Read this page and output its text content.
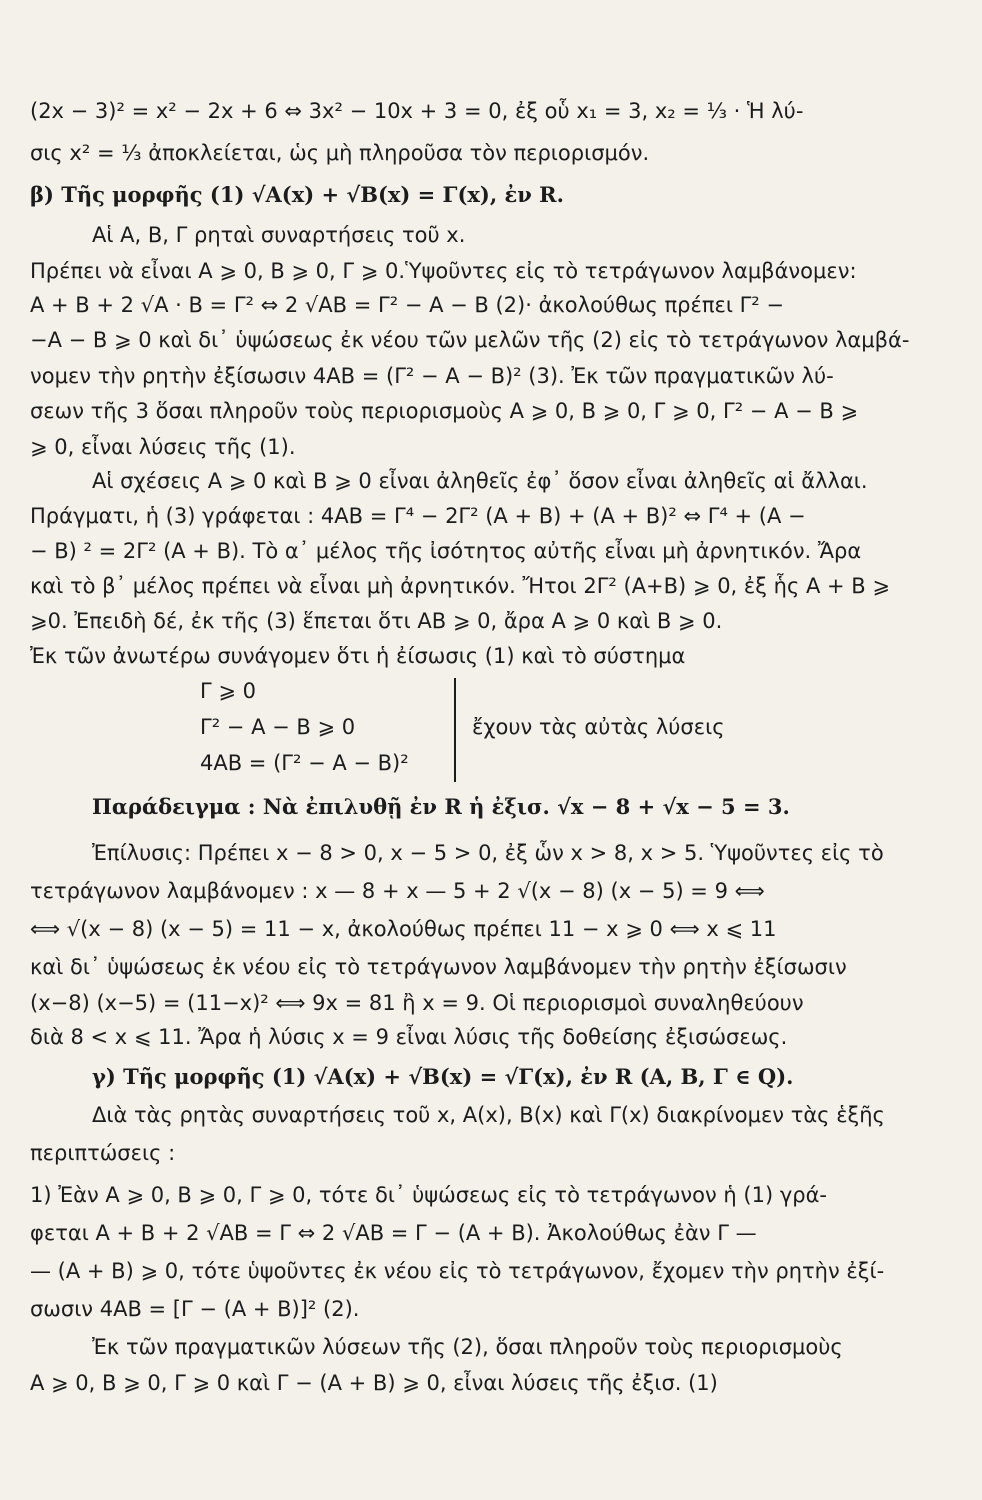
(2x − 3)² = x² − 2x + 6 ⇔ 3x² − 10x + 3 = 0, ἐξ οὗ x₁ = 3, x₂ = ¹⁄₃ · Ἡ λύ-
σις x² = ¹⁄₃ ἀποκλείεται, ὡς μὴ πληροῦσα τὸν περιορισμόν.
β) Τῆς μορφῆς (1) √A(x) + √B(x) = Γ(x), ἐν R.
Αἱ Α, Β, Γ ρηταὶ συναρτήσεις τοῦ x.
Πρέπει νὰ εἶναι Α ⩾ 0, Β ⩾ 0, Γ ⩾ 0.Ὑψοῦντες εἰς τὸ τετράγωνον λαμβάνομεν:
Α + Β + 2 √Α · Β = Γ² ⇔ 2 √ΑΒ = Γ² − Α − Β (2)· ἀκολούθως πρέπει Γ² −
−Α − Β ⩾ 0 καὶ δι᾽ ὑψώσεως ἐκ νέου τῶν μελῶν τῆς (2) εἰς τὸ τετράγωνον λαμβά-
νομεν τὴν ρητὴν ἐξίσωσιν 4ΑΒ = (Γ² − Α − Β)² (3). Ἐκ τῶν πραγματικῶν λύ-
σεων τῆς 3 ὅσαι πληροῦν τοὺς περιορισμοὺς Α ⩾ 0, Β ⩾ 0, Γ ⩾ 0, Γ² − Α − Β ⩾
⩾ 0, εἶναι λύσεις τῆς (1).
Αἱ σχέσεις Α ⩾ 0 καὶ Β ⩾ 0 εἶναι ἀληθεῖς ἐφ᾽ ὅσον εἶναι ἀληθεῖς αἱ ἄλλαι.
Πράγματι, ἡ (3) γράφεται : 4ΑΒ = Γ⁴ − 2Γ² (Α + Β) + (Α + Β)² ⇔ Γ⁴ + (Α −
− Β) ² = 2Γ² (Α + Β). Τὸ α᾽ μέλος τῆς ἰσότητος αὐτῆς εἶναι μὴ ἀρνητικόν. Ἄρα
καὶ τὸ β᾽ μέλος πρέπει νὰ εἶναι μὴ ἀρνητικόν. Ἤτοι 2Γ² (Α+Β) ⩾ 0, ἐξ ἧς Α + Β ⩾
⩾0. Ἐπειδὴ δέ, ἐκ τῆς (3) ἕπεται ὅτι ΑΒ ⩾ 0, ἄρα Α ⩾ 0 καὶ Β ⩾ 0.
Ἐκ τῶν ἀνωτέρω συνάγομεν ὅτι ἡ ἐίσωσις (1) καὶ τὸ σύστημα
Γ ⩾ 0
Γ² − Α − Β ⩾ 0
4ΑΒ = (Γ² − Α − Β)²
ἔχουν τὰς αὐτὰς λύσεις
Παράδειγμα : Νὰ ἐπιλυθῇ ἐν R ἡ ἐξισ. √x − 8 + √x − 5 = 3.
Ἐπίλυσις: Πρέπει x − 8 > 0, x − 5 > 0, ἐξ ὧν x > 8, x > 5. Ὑψοῦντες εἰς τὸ
τετράγωνον λαμβάνομεν : x — 8 + x — 5 + 2 √(x − 8) (x − 5) = 9 ⟺
⟺ √(x − 8) (x − 5) = 11 − x, ἀκολούθως πρέπει 11 − x ⩾ 0 ⟺ x ⩽ 11
καὶ δι᾽ ὑψώσεως ἐκ νέου εἰς τὸ τετράγωνον λαμβάνομεν τὴν ρητὴν ἐξίσωσιν
(x−8) (x−5) = (11−x)² ⟺ 9x = 81 ἢ x = 9. Οἱ περιορισμοὶ συναληθεύουν
διὰ 8 < x ⩽ 11. Ἄρα ἡ λύσις x = 9 εἶναι λύσις τῆς δοθείσης ἐξισώσεως.
γ) Τῆς μορφῆς (1) √A(x) + √B(x) = √Γ(x), ἐν R (A, B, Γ ∈ Q).
Διὰ τὰς ρητὰς συναρτήσεις τοῦ x, Α(x), Β(x) καὶ Γ(x) διακρίνομεν τὰς ἑξῆς
περιπτώσεις :
1) Ἐὰν Α ⩾ 0, Β ⩾ 0, Γ ⩾ 0, τότε δι᾽ ὑψώσεως εἰς τὸ τετράγωνον ἡ (1) γρά-
φεται Α + Β + 2 √ΑΒ = Γ ⇔ 2 √ΑΒ = Γ − (Α + Β). Ἀκολούθως ἐὰν Γ —
— (Α + Β) ⩾ 0, τότε ὑψοῦντες ἐκ νέου εἰς τὸ τετράγωνον, ἔχομεν τὴν ρητὴν ἐξί-
σωσιν 4ΑΒ = [Γ − (Α + Β)]² (2).
Ἐκ τῶν πραγματικῶν λύσεων τῆς (2), ὅσαι πληροῦν τοὺς περιορισμοὺς
Α ⩾ 0, Β ⩾ 0, Γ ⩾ 0 καὶ Γ − (Α + Β) ⩾ 0, εἶναι λύσεις τῆς ἐξισ. (1)
